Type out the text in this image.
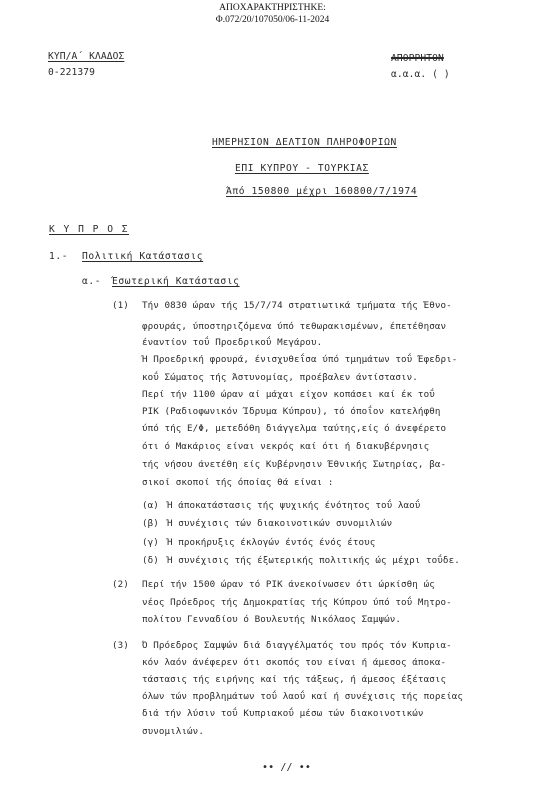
ΑΠΟΧΑΡΑΚΤΗΡΙΣΤΗΚΕ:
Φ.072/20/107050/06-11-2024
ΚΥΠ/Α΄ ΚΛΑΔΟΣ
0-221379
ΑΠΟΡΡΗΤΟΝ
α.α.α. ( )
ΗΜΕΡΗΣΙΟΝ ΔΕΛΤΙΟΝ ΠΛΗΡΟΦΟΡΙΩΝ
ΕΠΙ ΚΥΠΡΟΥ - ΤΟΥΡΚΙΑΣ
Άπό 150800 μέχρι 160800/7/1974
Κ Υ Π Ρ Ο Σ
1.- Πολιτική Κατάστασις
α.- Έσωτερική Κατάστασις
(1) Τήν 0830 ώραν τής 15/7/74 στρατιωτικά τμήματα τής Έθνο-
φρουράς, ύποστηριζόμενα ύπό τεθωρακισμένων, έπετέθησαν
έναντίον τοΰ Προεδρικοΰ Μεγάρου.
Ή Προεδρική φρουρά, ένισχυθεΐσα ύπό τμημάτων τοΰ Έφεδρι-
κοΰ Σώματος τής Άστυνομίας, προέβαλεν άντίστασιν.
Περί τήν 1100 ώραν αί μάχαι είχον κοπάσει καί έκ τοΰ
ΡΙΚ (Ραδιοφωνικόν Ίδρυμα Κύπρου), τό όποΐον κατελήφθη
ύπό τής Ε/Φ, μετεδόθη διάγγελμα ταύτης,είς ό άνεφέρετο
ότι ό Μακάριος είναι νεκρός καί ότι ή διακυβέρνησις
τής νήσου άνετέθη είς Κυβέρνησιν Έθνικής Σωτηρίας, βα-
σικοί σκοποί τής όποίας θά είναι :
(α) Ή άποκατάστασις τής ψυχικής ένότητος τοΰ λαοΰ
(β) Ή συνέχισις τών διακοινοτικών συνομιλιών
(γ) Ή προκήρυξις έκλογών έντός ένός έτους
(δ) Ή συνέχισις τής έξωτερικής πολιτικής ώς μέχρι τοΰδε.
(2) Περί τήν 1500 ώραν τό ΡΙΚ άνεκοίνωσεν ότι ώρκίσθη ώς
νέος Πρόεδρος τής Δημοκρατίας τής Κύπρου ύπό τοΰ Μητρο-
πολίτου Γενναδίου ό Βουλευτής Νικόλαος Σαμψών.
(3) Ό Πρόεδρος Σαμψών διά διαγγέλματός του πρός τόν Κυπρια-
κόν λαόν άνέφερεν ότι σκοπός του είναι ή άμεσος άποκα-
τάστασις τής ειρήνης καί τής τάξεως, ή άμεσος έξέτασις
όλων τών προβλημάτων τοΰ λαοΰ καί ή συνέχισις τής πορείας
διά τήν λύσιν τοΰ Κυπριακοΰ μέσω τών διακοινοτικών
συνομιλιών.
•• // ••
